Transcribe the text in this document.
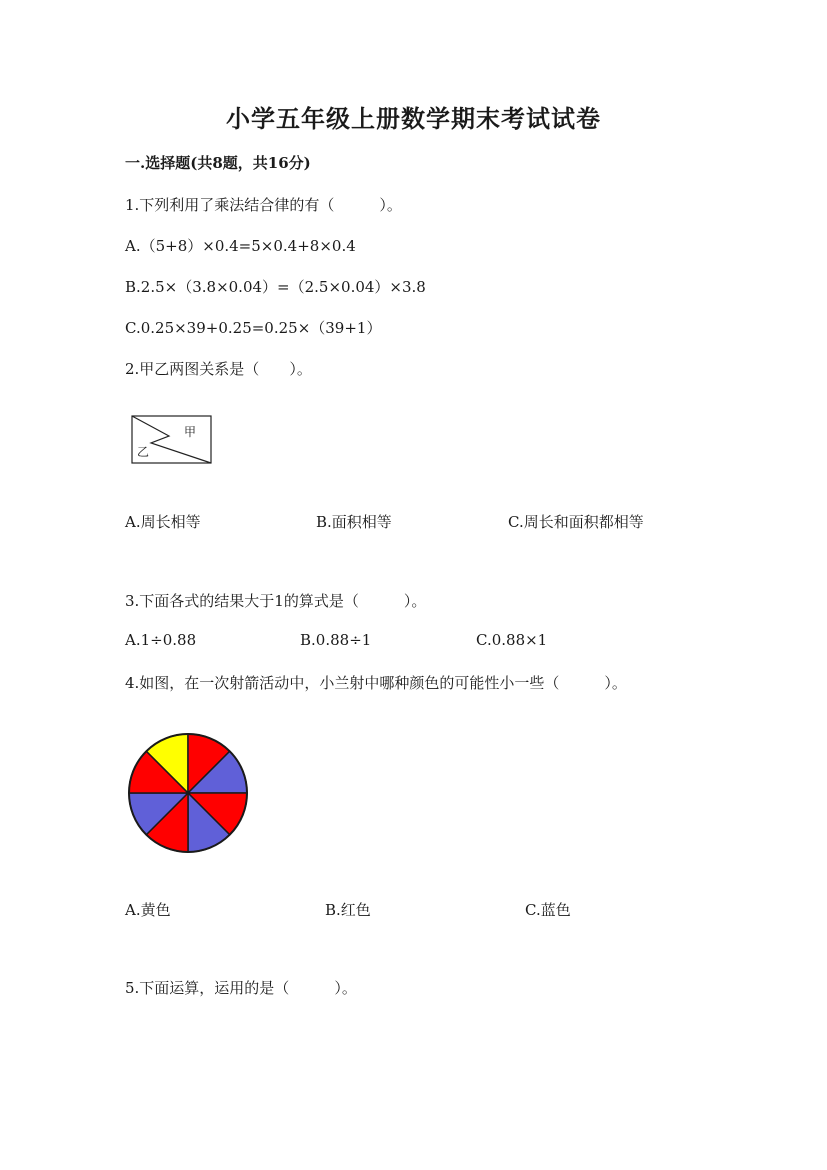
小学五年级上册数学期末考试试卷
一.选择题(共8题，共16分)
1.下列利用了乘法结合律的有（　　　）。
A.（5+8）×0.4=5×0.4+8×0.4
B.2.5×（3.8×0.04）=（2.5×0.04）×3.8
C.0.25×39+0.25=0.25×（39+1）
2.甲乙两图关系是（　　）。
甲
乙
A.周长相等	B.面积相等	C.周长和面积都相等
3.下面各式的结果大于1的算式是（　　　）。
A.1÷0.88	B.0.88÷1	C.0.88×1
4.如图，在一次射箭活动中，小兰射中哪种颜色的可能性小一些（　　　）。
A.黄色	B.红色	C.蓝色
5.下面运算，运用的是（　　　）。
